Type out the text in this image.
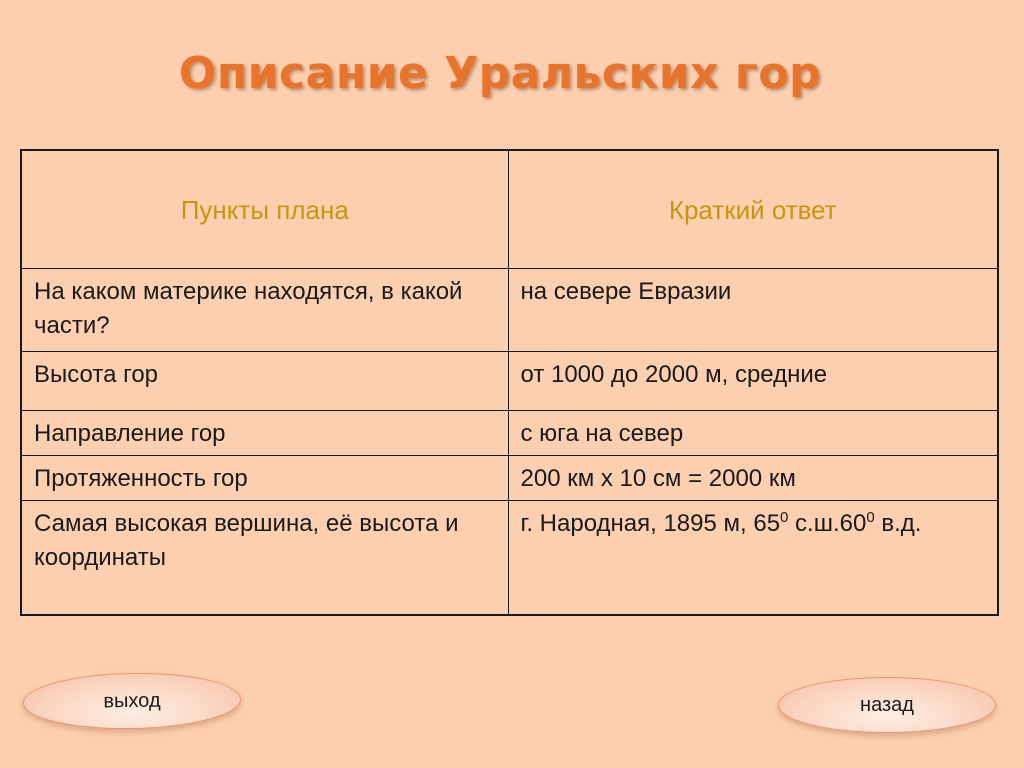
Описание Уральских гор
Пункты плана	Краткий ответ
На каком материке находятся, в какой части?	на севере Евразии
Высота гор	от 1000 до 2000 м, средние
Направление гор	с юга на север
Протяженность гор	200 км х 10 см = 2000 км
Самая высокая вершина, её высота и координаты	г. Народная, 1895 м, $65^0$ $с.ш.60^0$ в.д.
выход	назад
